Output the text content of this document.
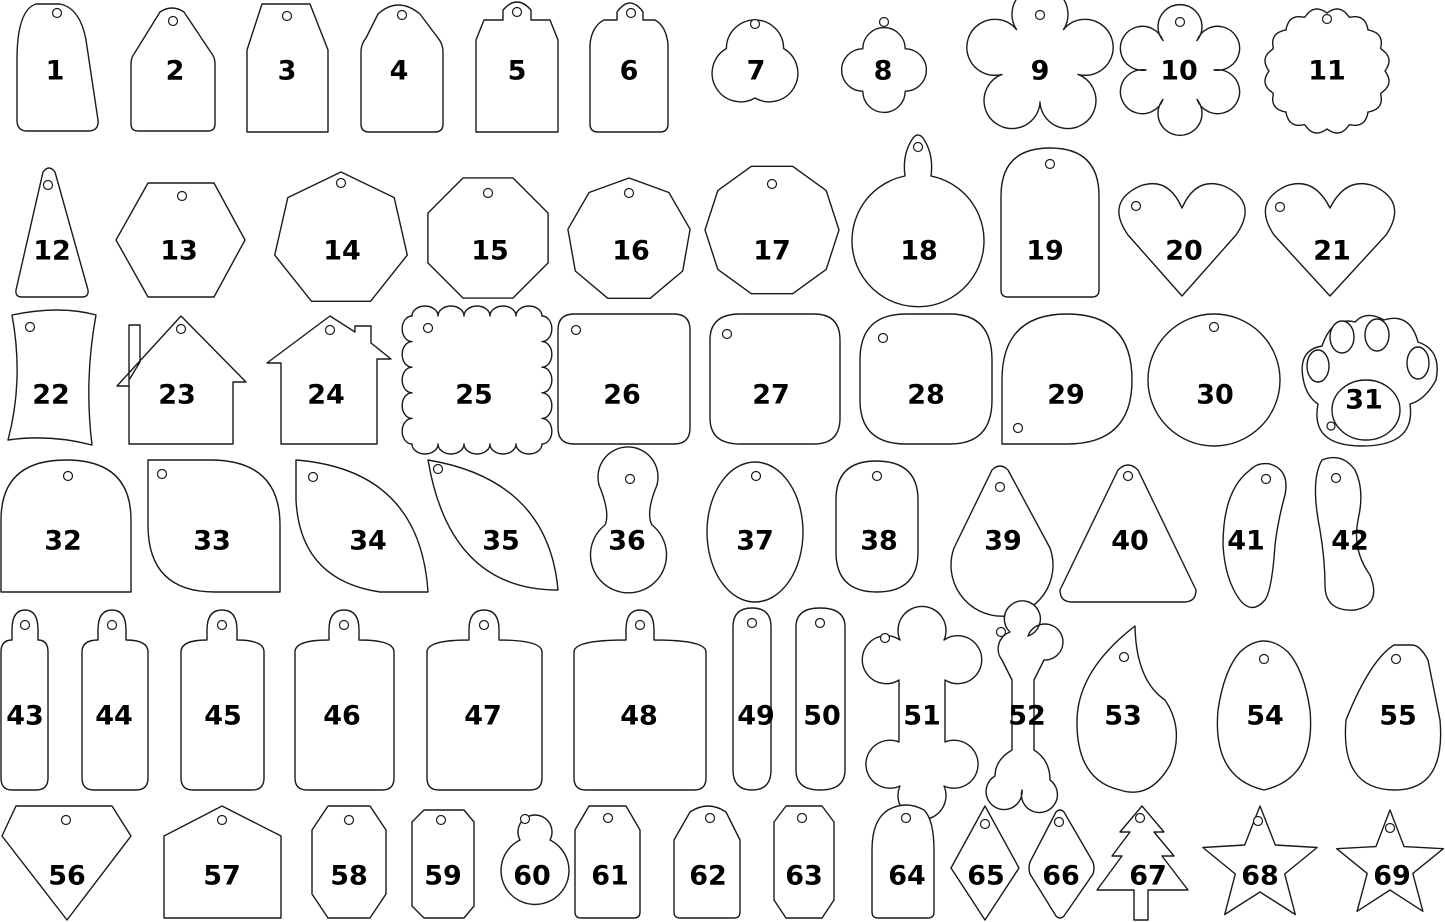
1	2	3	4	5	6	7	8	9	10	11
12	13	14	15	16	17	18	19	20	21
22	23	24	25	26	27	28	29	30	31
32	33	34	35	36	37	38	39	40	41 42
43 44	45	46	47	48	49 50 51 52 53	54	55
56	57	58 59 60 61 62 63 64 65 66 67	68	69
